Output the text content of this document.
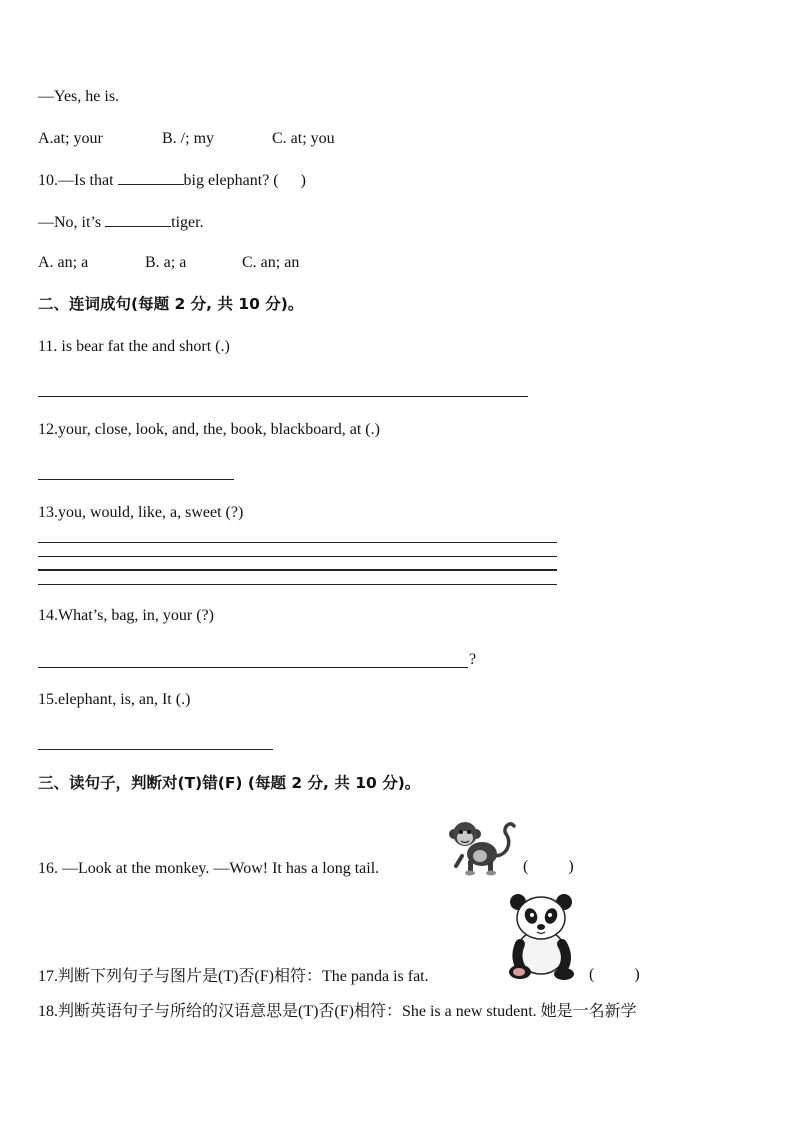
—Yes, he is.
A.at; your	B. /; my	C. at; you
10.—Is that	big elephant? ( )
—No, it’s	tiger.
A. an; a	B. a; a	C. an; an
二、连词成句(每题 2 分, 共 10 分)。
11. is bear fat the and short (.)
12.your, close, look, and, the, book, blackboard, at (.)
13.you, would, like, a, sweet (?)
14.What’s, bag, in, your (?)
?
15.elephant, is, an, It (.)
三、读句子，判断对(T)错(F) (每题 2 分, 共 10 分)。
16. —Look at the monkey. —Wow! It has a long tail.	(          )
17.判断下列句子与图片是(T)否(F)相符：The panda is fat.	(          )
18.判断英语句子与所给的汉语意思是(T)否(F)相符：She is a new student. 她是一名新学
